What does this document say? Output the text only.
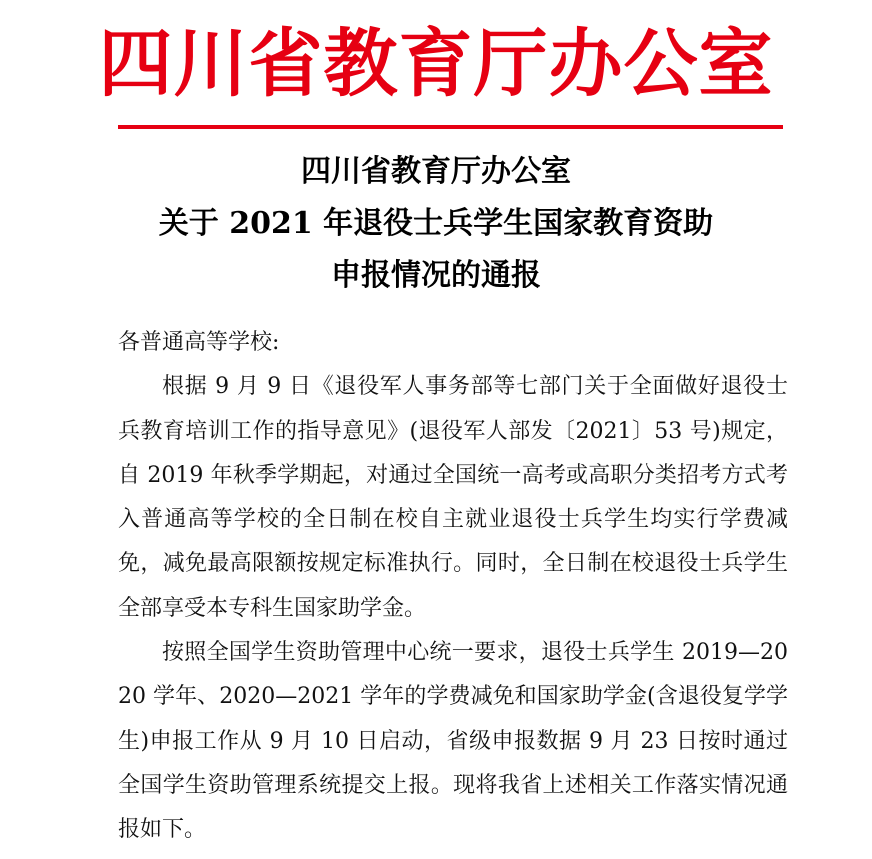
四川省教育厅办公室
四川省教育厅办公室
关于 2021 年退役士兵学生国家教育资助
申报情况的通报

各普通高等学校:

根据 9 月 9 日《退役军人事务部等七部门关于全面做好退役士兵教育培训工作的指导意见》(退役军人部发〔2021〕53 号)规定，自 2019 年秋季学期起，对通过全国统一高考或高职分类招考方式考入普通高等学校的全日制在校自主就业退役士兵学生均实行学费减免，减免最高限额按规定标准执行。同时，全日制在校退役士兵学生全部享受本专科生国家助学金。

按照全国学生资助管理中心统一要求，退役士兵学生 2019—2020 学年、2020—2021 学年的学费减免和国家助学金(含退役复学学生)申报工作从 9 月 10 日启动，省级申报数据 9 月 23 日按时通过全国学生资助管理系统提交上报。现将我省上述相关工作落实情况通报如下。
